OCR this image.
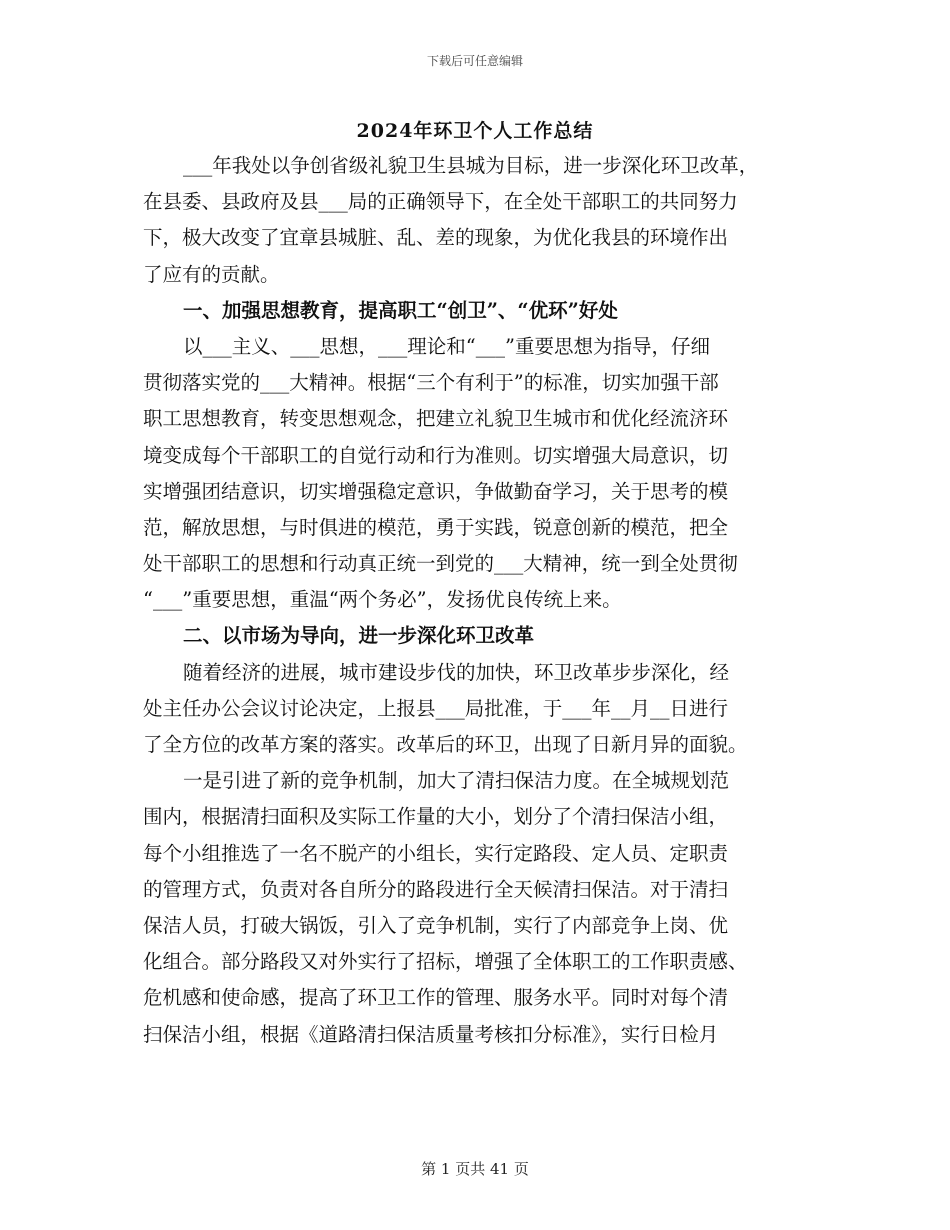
下载后可任意编辑
2024年环卫个人工作总结
___年我处以争创省级礼貌卫生县城为目标，进一步深化环卫改革，
在县委、县政府及县___局的正确领导下，在全处干部职工的共同努力
下，极大改变了宜章县城脏、乱、差的现象，为优化我县的环境作出
了应有的贡献。
一、加强思想教育，提高职工“创卫”、“优环”好处
以___主义、___思想，___理论和“___”重要思想为指导，仔细
贯彻落实党的___大精神。根据“三个有利于”的标准，切实加强干部
职工思想教育，转变思想观念，把建立礼貌卫生城市和优化经流济环
境变成每个干部职工的自觉行动和行为准则。切实增强大局意识，切
实增强团结意识，切实增强稳定意识，争做勤奋学习，关于思考的模
范，解放思想，与时俱进的模范，勇于实践，锐意创新的模范，把全
处干部职工的思想和行动真正统一到党的___大精神，统一到全处贯彻
“___”重要思想，重温“两个务必”，发扬优良传统上来。
二、以市场为导向，进一步深化环卫改革
随着经济的进展，城市建设步伐的加快，环卫改革步步深化，经
处主任办公会议讨论决定，上报县___局批准，于___年__月__日进行
了全方位的改革方案的落实。改革后的环卫，出现了日新月异的面貌。
一是引进了新的竞争机制，加大了清扫保洁力度。在全城规划范
围内，根据清扫面积及实际工作量的大小，划分了个清扫保洁小组，
每个小组推选了一名不脱产的小组长，实行定路段、定人员、定职责
的管理方式，负责对各自所分的路段进行全天候清扫保洁。对于清扫
保洁人员，打破大锅饭，引入了竞争机制，实行了内部竞争上岗、优
化组合。部分路段又对外实行了招标，增强了全体职工的工作职责感、
危机感和使命感，提高了环卫工作的管理、服务水平。同时对每个清
扫保洁小组，根据《道路清扫保洁质量考核扣分标准》，实行日检月
第 1 页共 41 页
